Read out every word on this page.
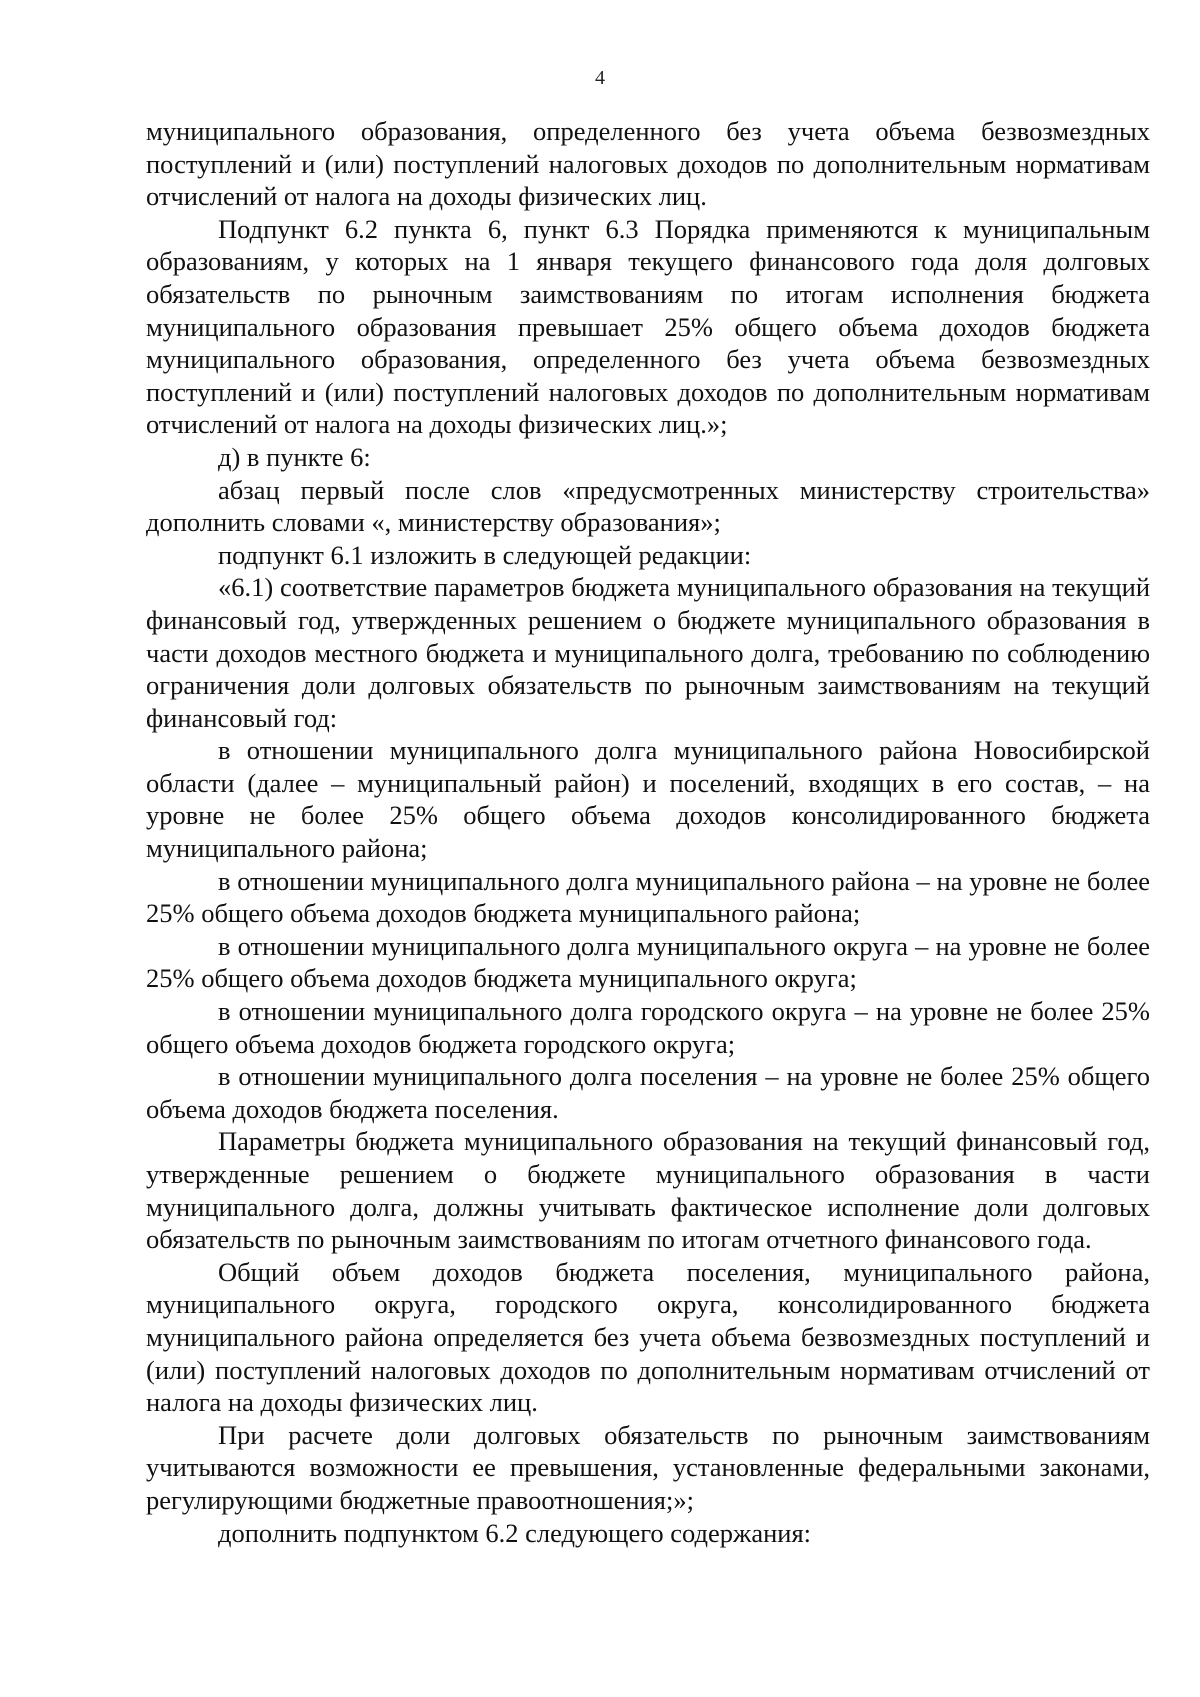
4

муниципального образования, определенного без учета объема безвозмездных поступлений и (или) поступлений налоговых доходов по дополнительным нормативам отчислений от налога на доходы физических лиц.

Подпункт 6.2 пункта 6, пункт 6.3 Порядка применяются к муниципальным образованиям, у которых на 1 января текущего финансового года доля долговых обязательств по рыночным заимствованиям по итогам исполнения бюджета муниципального образования превышает 25% общего объема доходов бюджета муниципального образования, определенного без учета объема безвозмездных поступлений и (или) поступлений налоговых доходов по дополнительным нормативам отчислений от налога на доходы физических лиц.»;

д) в пункте 6:

абзац первый после слов «предусмотренных министерству строительства» дополнить словами «, министерству образования»;

подпункт 6.1 изложить в следующей редакции:

«6.1) соответствие параметров бюджета муниципального образования на текущий финансовый год, утвержденных решением о бюджете муниципального образования в части доходов местного бюджета и муниципального долга, требованию по соблюдению ограничения доли долговых обязательств по рыночным заимствованиям на текущий финансовый год:

в отношении муниципального долга муниципального района Новосибирской области (далее – муниципальный район) и поселений, входящих в его состав, – на уровне не более 25% общего объема доходов консолидированного бюджета муниципального района;

в отношении муниципального долга муниципального района – на уровне не более 25% общего объема доходов бюджета муниципального района;

в отношении муниципального долга муниципального округа – на уровне не более 25% общего объема доходов бюджета муниципального округа;

в отношении муниципального долга городского округа – на уровне не более 25% общего объема доходов бюджета городского округа;

в отношении муниципального долга поселения – на уровне не более 25% общего объема доходов бюджета поселения.

Параметры бюджета муниципального образования на текущий финансовый год, утвержденные решением о бюджете муниципального образования в части муниципального долга, должны учитывать фактическое исполнение доли долговых обязательств по рыночным заимствованиям по итогам отчетного финансового года.

Общий объем доходов бюджета поселения, муниципального района, муниципального округа, городского округа, консолидированного бюджета муниципального района определяется без учета объема безвозмездных поступлений и (или) поступлений налоговых доходов по дополнительным нормативам отчислений от налога на доходы физических лиц.

При расчете доли долговых обязательств по рыночным заимствованиям учитываются возможности ее превышения, установленные федеральными законами, регулирующими бюджетные правоотношения;»;

дополнить подпунктом 6.2 следующего содержания:
